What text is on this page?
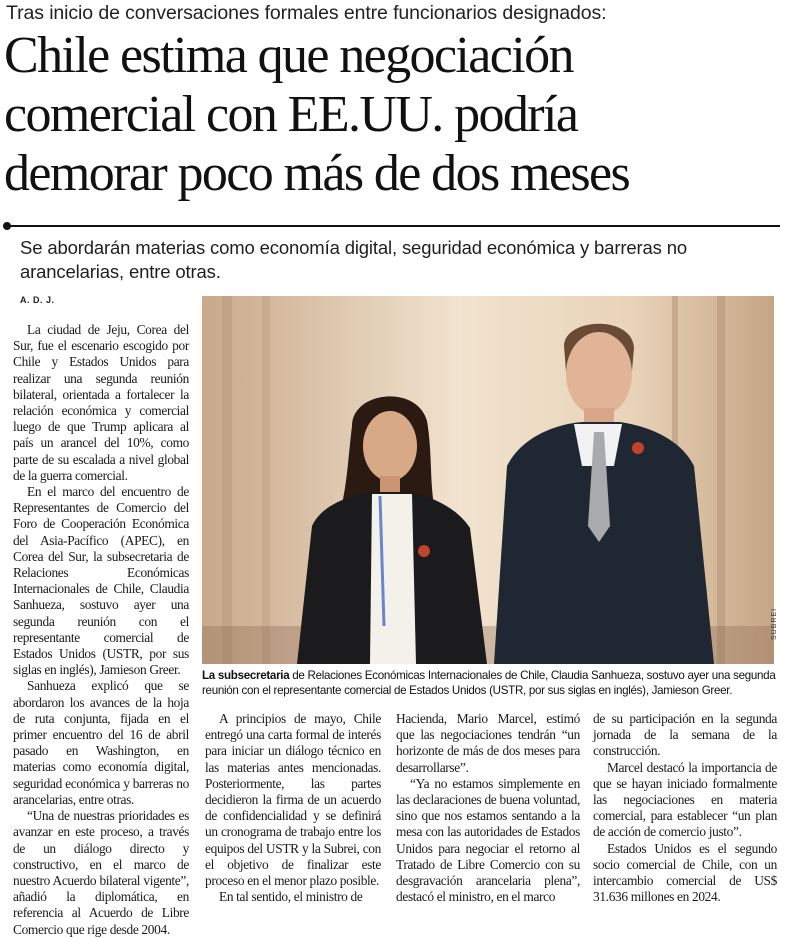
Tras inicio de conversaciones formales entre funcionarios designados:
Chile estima que negociación
comercial con EE.UU. podría
demorar poco más de dos meses
Se abordarán materias como economía digital, seguridad económica y barreras no arancelarias, entre otras.
A. D. J.

La ciudad de Jeju, Corea del Sur, fue el escenario escogido por Chile y Estados Unidos para realizar una segunda reunión bilateral, orientada a fortalecer la relación económica y comercial luego de que Trump aplicara al país un arancel del 10%, como parte de su escalada a nivel global de la guerra comercial.

En el marco del encuentro de Representantes de Comercio del Foro de Cooperación Económica del Asia-Pacífico (APEC), en Corea del Sur, la subsecretaria de Relaciones Económicas Internacionales de Chile, Claudia Sanhueza, sostuvo ayer una segunda reunión con el representante comercial de Estados Unidos (USTR, por sus siglas en inglés), Jamieson Greer.

Sanhueza explicó que se abordaron los avances de la hoja de ruta conjunta, fijada en el primer encuentro del 16 de abril pasado en Washington, en materias como economía digital, seguridad económica y barreras no arancelarias, entre otras.

“Una de nuestras prioridades es avanzar en este proceso, a través de un diálogo directo y constructivo, en el marco de nuestro Acuerdo bilateral vigente”, añadió la diplomática, en referencia al Acuerdo de Libre Comercio que rige desde 2004.

SUBREI
La subsecretaria de Relaciones Económicas Internacionales de Chile, Claudia Sanhueza, sostuvo ayer una segunda reunión con el representante comercial de Estados Unidos (USTR, por sus siglas en inglés), Jamieson Greer.

A principios de mayo, Chile entregó una carta formal de interés para iniciar un diálogo técnico en las materias antes mencionadas. Posteriormente, las partes decidieron la firma de un acuerdo de confidencialidad y se definirá un cronograma de trabajo entre los equipos del USTR y la Subrei, con el objetivo de finalizar este proceso en el menor plazo posible.

En tal sentido, el ministro de

Hacienda, Mario Marcel, estimó que las negociaciones tendrán “un horizonte de más de dos meses para desarrollarse”.

“Ya no estamos simplemente en las declaraciones de buena voluntad, sino que nos estamos sentando a la mesa con las autoridades de Estados Unidos para negociar el retorno al Tratado de Libre Comercio con su desgravación arancelaria plena”, destacó el ministro, en el marco

de su participación en la segunda jornada de la semana de la construcción.

Marcel destacó la importancia de que se hayan iniciado formalmente las negociaciones en materia comercial, para establecer “un plan de acción de comercio justo”.

Estados Unidos es el segundo socio comercial de Chile, con un intercambio comercial de US$ 31.636 millones en 2024.
